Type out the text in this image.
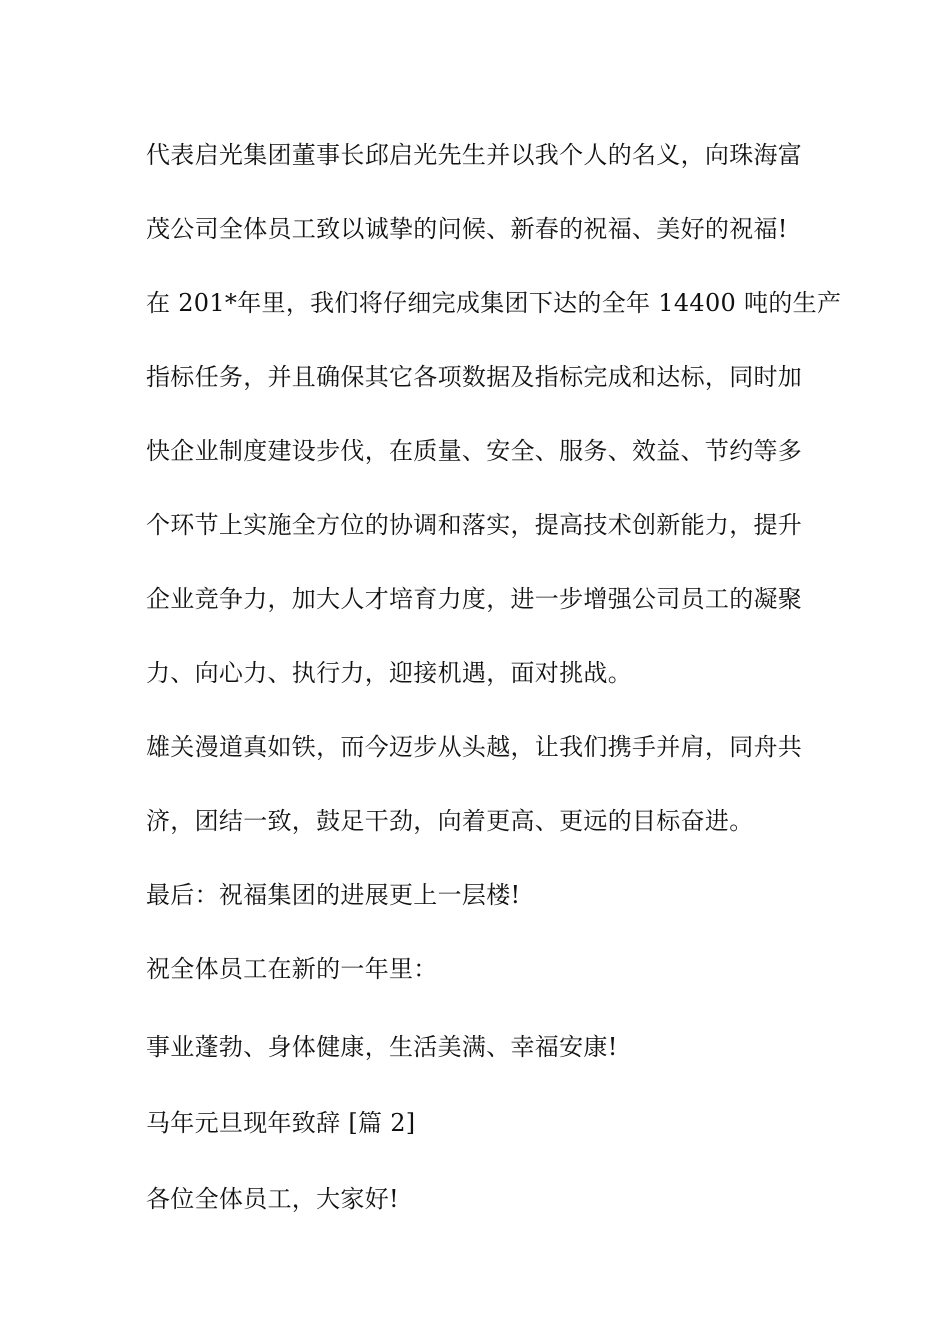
代表启光集团董事长邱启光先生并以我个人的名义，向珠海富
茂公司全体员工致以诚挚的问候、新春的祝福、美好的祝福!
在 201*年里，我们将仔细完成集团下达的全年 14400 吨的生产
指标任务，并且确保其它各项数据及指标完成和达标，同时加
快企业制度建设步伐，在质量、安全、服务、效益、节约等多
个环节上实施全方位的协调和落实，提高技术创新能力，提升
企业竞争力，加大人才培育力度，进一步增强公司员工的凝聚
力、向心力、执行力，迎接机遇，面对挑战。
雄关漫道真如铁，而今迈步从头越，让我们携手并肩，同舟共
济，团结一致，鼓足干劲，向着更高、更远的目标奋进。
最后：祝福集团的进展更上一层楼!
祝全体员工在新的一年里：
事业蓬勃、身体健康，生活美满、幸福安康!
马年元旦现年致辞 [篇 2]
各位全体员工，大家好!
